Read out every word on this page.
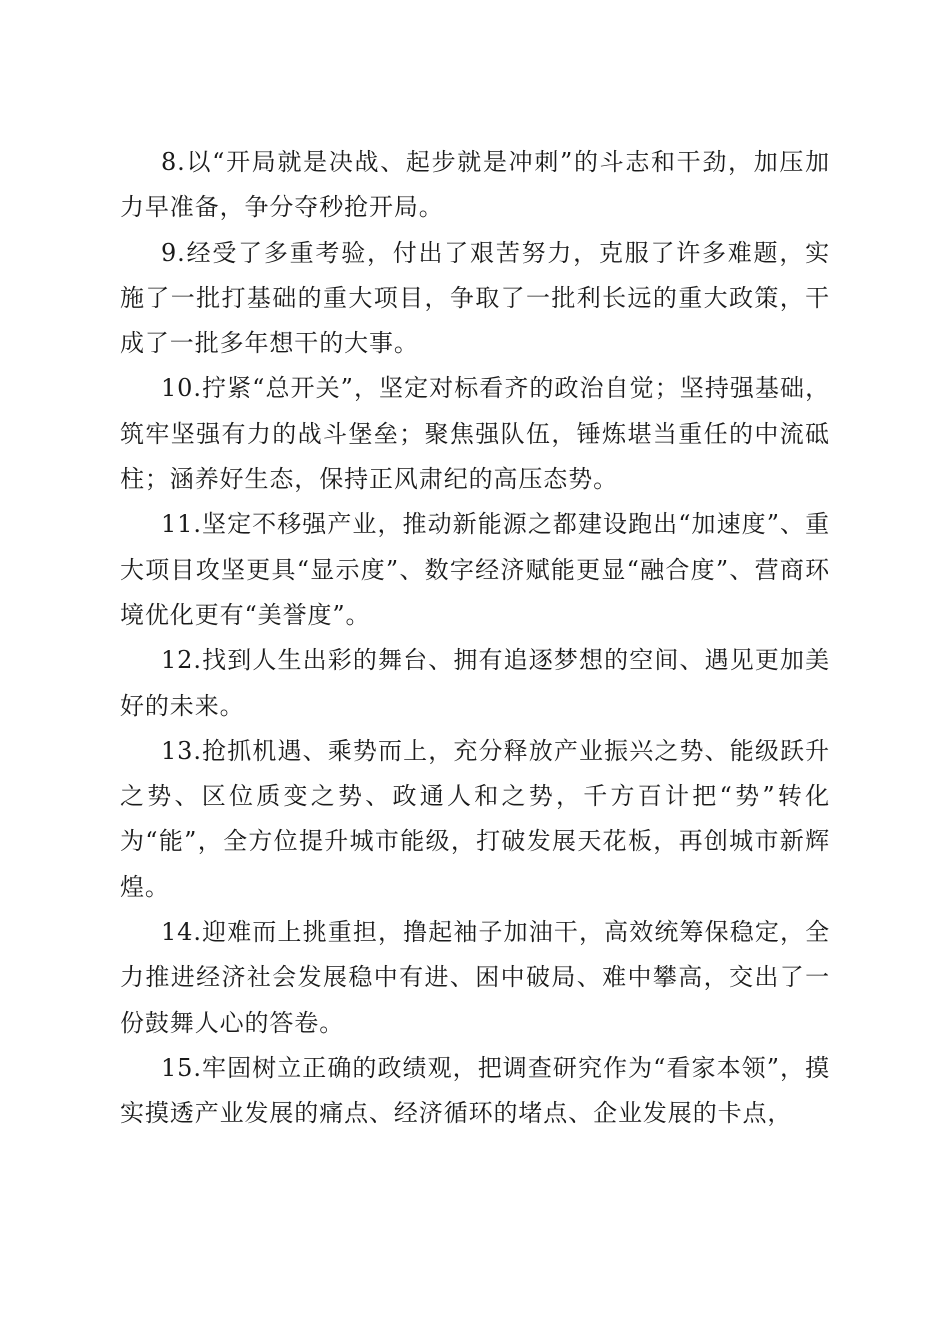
8.以“开局就是决战、起步就是冲刺”的斗志和干劲，加压加力早准备，争分夺秒抢开局。

9.经受了多重考验，付出了艰苦努力，克服了许多难题，实施了一批打基础的重大项目，争取了一批利长远的重大政策，干成了一批多年想干的大事。

10.拧紧“总开关”，坚定对标看齐的政治自觉；坚持强基础，筑牢坚强有力的战斗堡垒；聚焦强队伍，锤炼堪当重任的中流砥柱；涵养好生态，保持正风肃纪的高压态势。

11.坚定不移强产业，推动新能源之都建设跑出“加速度”、重大项目攻坚更具“显示度”、数字经济赋能更显“融合度”、营商环境优化更有“美誉度”。

12.找到人生出彩的舞台、拥有追逐梦想的空间、遇见更加美好的未来。

13.抢抓机遇、乘势而上，充分释放产业振兴之势、能级跃升之势、区位质变之势、政通人和之势，千方百计把“势”转化为“能”，全方位提升城市能级，打破发展天花板，再创城市新辉煌。

14.迎难而上挑重担，撸起袖子加油干，高效统筹保稳定，全力推进经济社会发展稳中有进、困中破局、难中攀高，交出了一份鼓舞人心的答卷。

15.牢固树立正确的政绩观，把调查研究作为“看家本领”，摸实摸透产业发展的痛点、经济循环的堵点、企业发展的卡点，
